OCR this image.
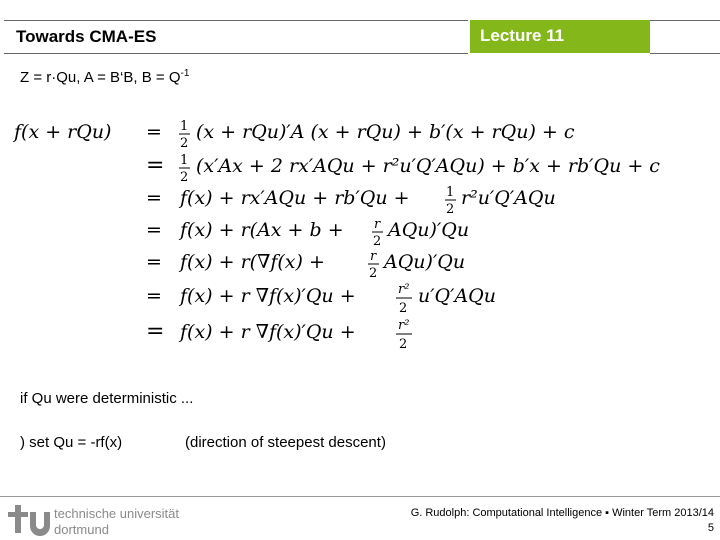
Towards CMA-ES	Lecture 11
Z = r·Qu, A = B‘B, $B = Q^{-1}$
f(x + rQu) = 1
2
(x + rQu)′A (x + rQu) + b′(x + rQu) + c
= 1
2
(x′Ax + 2 rx′AQu + r²u′Q′AQu) + b′x + rb′Qu + c
= f(x) + rx′AQu + rb′Qu +	1
2
r²u′Q′AQu
= f(x) + r(Ax + b + r
2
AQu)′Qu
= f(x) + r(∇f(x) +	r
2
AQu)′Qu
= f(x) + r ∇f(x)′Qu +	r²
2
u′Q′AQu
= f(x) + r ∇f(x)′Qu +	r²
2
if Qu were deterministic ...
) set Qu = -rf(x)	(direction of steepest descent)
technische universität
dortmund
G. Rudolph: Computational Intelligence ▪ Winter Term 2013/14
5
